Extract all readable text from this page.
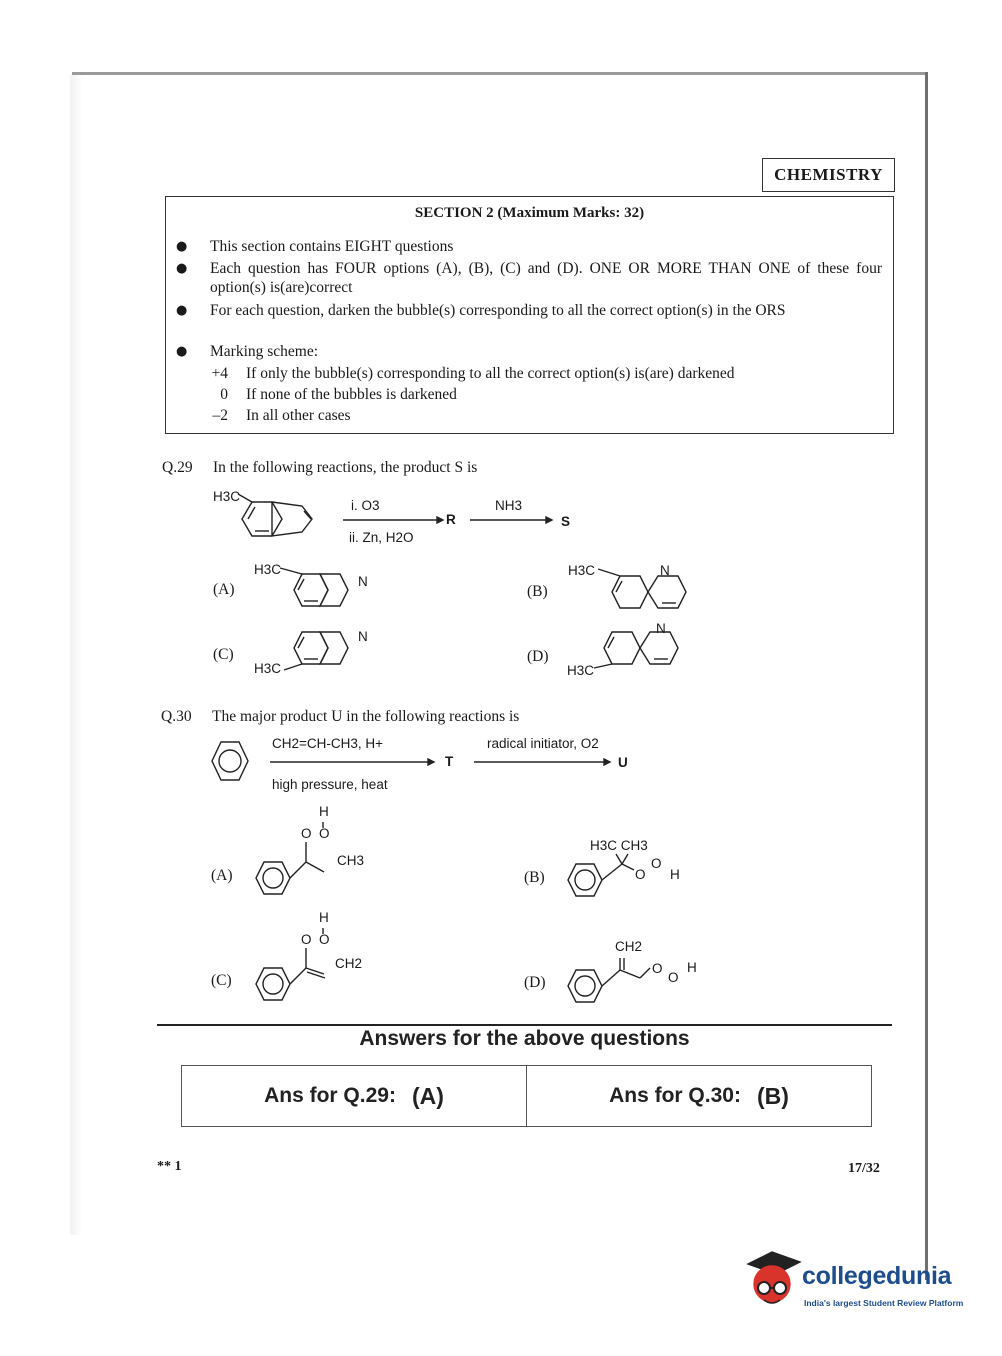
CHEMISTRY
SECTION 2 (Maximum Marks: 32)
● This section contains EIGHT questions
● Each question has FOUR options (A), (B), (C) and (D). ONE OR MORE THAN ONE of these four option(s) is(are)correct
● For each question, darken the bubble(s) corresponding to all the correct option(s) in the ORS
● Marking scheme:
+4 If only the bubble(s) corresponding to all the correct option(s) is(are) darkened
0 If none of the bubbles is darkened
–2 In all other cases
Q.29 In the following reactions, the product S is
H3C
i. O3
ii. Zn, H2O
R
NH3
S
(A)
H3C
N
(B)
H3C	N
(C)
H3C
N
(D)
H3C
N
Q.30 The major product U in the following reactions is
CH2=CH-CH3, H+
high pressure, heat
T
radical initiator, O2
U
(A)
H
O O
CH3
(B)
H3C CH3
O
O
H
(C)
H
O O
CH2
(D)
CH2
O
O
H
Answers for the above questions
Ans for Q.29: (A)	Ans for Q.30: (B)
** 1	17/32
collegedunia
India's largest Student Review Platform
